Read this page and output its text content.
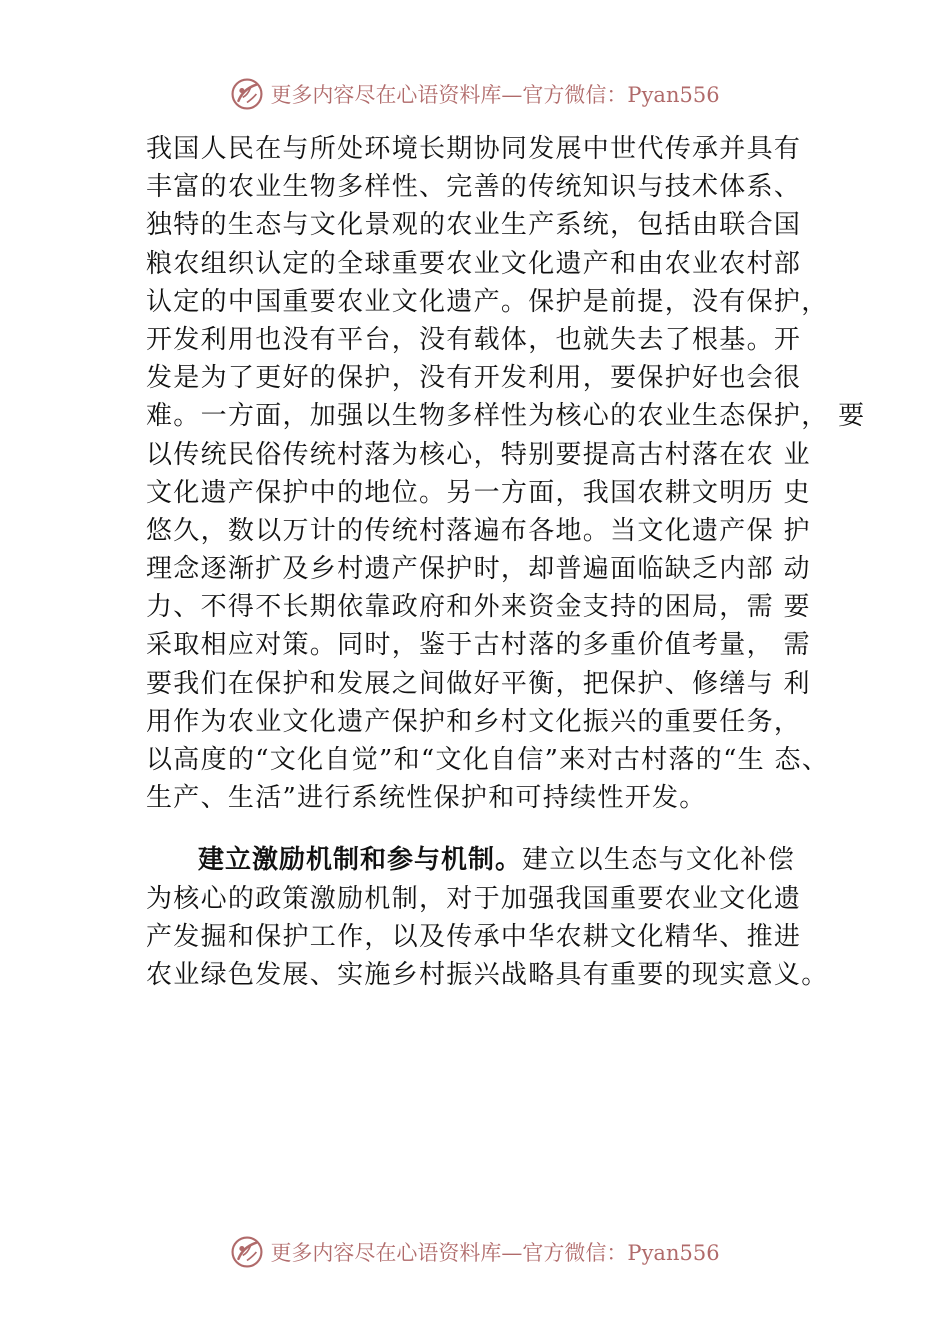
更多内容尽在心语资料库—官方微信：Pyan556
我国人民在与所处环境长期协同发展中世代传承并具有
丰富的农业生物多样性、完善的传统知识与技术体系、
独特的生态与文化景观的农业生产系统，包括由联合国
粮农组织认定的全球重要农业文化遗产和由农业农村部
认定的中国重要农业文化遗产。保护是前提，没有保护，
开发利用也没有平台，没有载体，也就失去了根基。开
发是为了更好的保护，没有开发利用，要保护好也会很
难。一方面，加强以生物多样性为核心的农业生态保护， 要
以传统民俗传统村落为核心，特别要提高古村落在农 业
文化遗产保护中的地位。另一方面，我国农耕文明历 史
悠久，数以万计的传统村落遍布各地。当文化遗产保 护
理念逐渐扩及乡村遗产保护时，却普遍面临缺乏内部 动
力、不得不长期依靠政府和外来资金支持的困局，需 要
采取相应对策。同时，鉴于古村落的多重价值考量， 需
要我们在保护和发展之间做好平衡，把保护、修缮与 利
用作为农业文化遗产保护和乡村文化振兴的重要任务，
以高度的“文化自觉”和“文化自信”来对古村落的“生 态、
生产、生活”进行系统性保护和可持续性开发。
建立激励机制和参与机制。建立以生态与文化补偿
为核心的政策激励机制，对于加强我国重要农业文化遗
产发掘和保护工作，以及传承中华农耕文化精华、推进
农业绿色发展、实施乡村振兴战略具有重要的现实意义。
更多内容尽在心语资料库—官方微信：Pyan556
